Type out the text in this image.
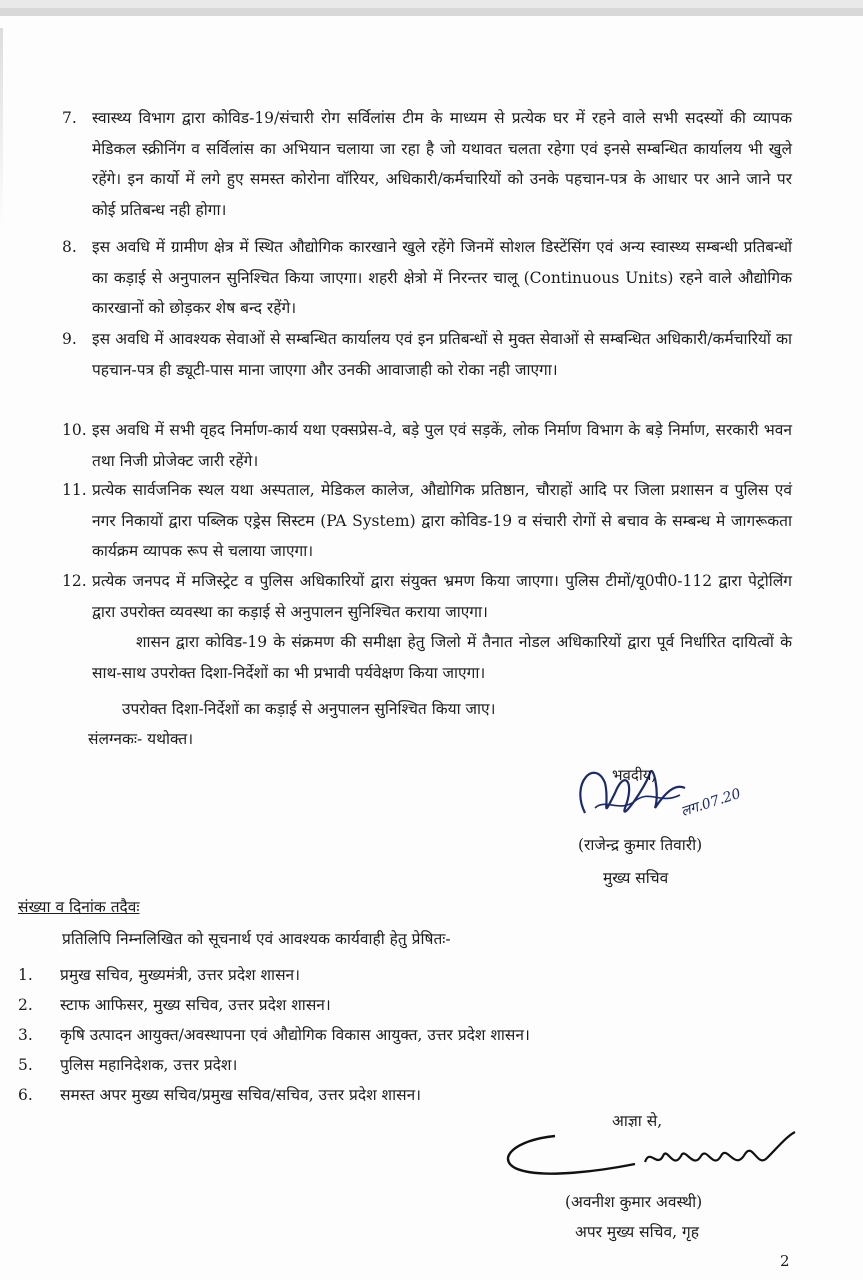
7. स्वास्थ्य विभाग द्वारा कोविड-19/संचारी रोग सर्विलांस टीम के माध्यम से प्रत्येक घर में रहने वाले सभी सदस्यों की व्यापक मेडिकल स्क्रीनिंग व सर्विलांस का अभियान चलाया जा रहा है जो यथावत चलता रहेगा एवं इनसे सम्बन्धित कार्यालय भी खुले रहेंगे। इन कार्यो में लगे हुए समस्त कोरोना वॉरियर, अधिकारी/कर्मचारियों को उनके पहचान-पत्र के आधार पर आने जाने पर कोई प्रतिबन्ध नही होगा।
8. इस अवधि में ग्रामीण क्षेत्र में स्थित औद्योगिक कारखाने खुले रहेंगे जिनमें सोशल डिस्टेंसिंग एवं अन्य स्वास्थ्य सम्बन्धी प्रतिबन्धों का कड़ाई से अनुपालन सुनिश्चित किया जाएगा। शहरी क्षेत्रो में निरन्तर चालू (Continuous Units) रहने वाले औद्योगिक कारखानों को छोड़कर शेष बन्द रहेंगे।
9. इस अवधि में आवश्यक सेवाओं से सम्बन्धित कार्यालय एवं इन प्रतिबन्धों से मुक्त सेवाओं से सम्बन्धित अधिकारी/कर्मचारियों का पहचान-पत्र ही ड्यूटी-पास माना जाएगा और उनकी आवाजाही को रोका नही जाएगा।
10. इस अवधि में सभी वृहद निर्माण-कार्य यथा एक्सप्रेस-वे, बड़े पुल एवं सड़कें, लोक निर्माण विभाग के बड़े निर्माण, सरकारी भवन तथा निजी प्रोजेक्ट जारी रहेंगे।
11. प्रत्येक सार्वजनिक स्थल यथा अस्पताल, मेडिकल कालेज, औद्योगिक प्रतिष्ठान, चौराहों आदि पर जिला प्रशासन व पुलिस एवं नगर निकायों द्वारा पब्लिक एड्रेस सिस्टम (PA System) द्वारा कोविड-19 व संचारी रोगों से बचाव के सम्बन्ध मे जागरूकता कार्यक्रम व्यापक रूप से चलाया जाएगा।
12. प्रत्येक जनपद में मजिस्ट्रेट व पुलिस अधिकारियों द्वारा संयुक्त भ्रमण किया जाएगा। पुलिस टीमों/यू0पी0-112 द्वारा पेट्रोलिंग द्वारा उपरोक्त व्यवस्था का कड़ाई से अनुपालन सुनिश्चित कराया जाएगा।
शासन द्वारा कोविड-19 के संक्रमण की समीक्षा हेतु जिलो में तैनात नोडल अधिकारियों द्वारा पूर्व निर्धारित दायित्वों के साथ-साथ उपरोक्त दिशा-निर्देशों का भी प्रभावी पर्यवेक्षण किया जाएगा।
उपरोक्त दिशा-निर्देशों का कड़ाई से अनुपालन सुनिश्चित किया जाए।
संलग्नकः- यथोक्त।
भवदीय,
लग.07.20
(राजेन्द्र कुमार तिवारी)
मुख्य सचिव
संख्या व दिनांक तदैवः
प्रतिलिपि निम्नलिखित को सूचनार्थ एवं आवश्यक कार्यवाही हेतु प्रेषितः-
1. प्रमुख सचिव, मुख्यमंत्री, उत्तर प्रदेश शासन।
2. स्टाफ आफिसर, मुख्य सचिव, उत्तर प्रदेश शासन।
3. कृषि उत्पादन आयुक्त/अवस्थापना एवं औद्योगिक विकास आयुक्त, उत्तर प्रदेश शासन।
5. पुलिस महानिदेशक, उत्तर प्रदेश।
6. समस्त अपर मुख्य सचिव/प्रमुख सचिव/सचिव, उत्तर प्रदेश शासन।
आज्ञा से,
(अवनीश कुमार अवस्थी)
अपर मुख्य सचिव, गृह
2
